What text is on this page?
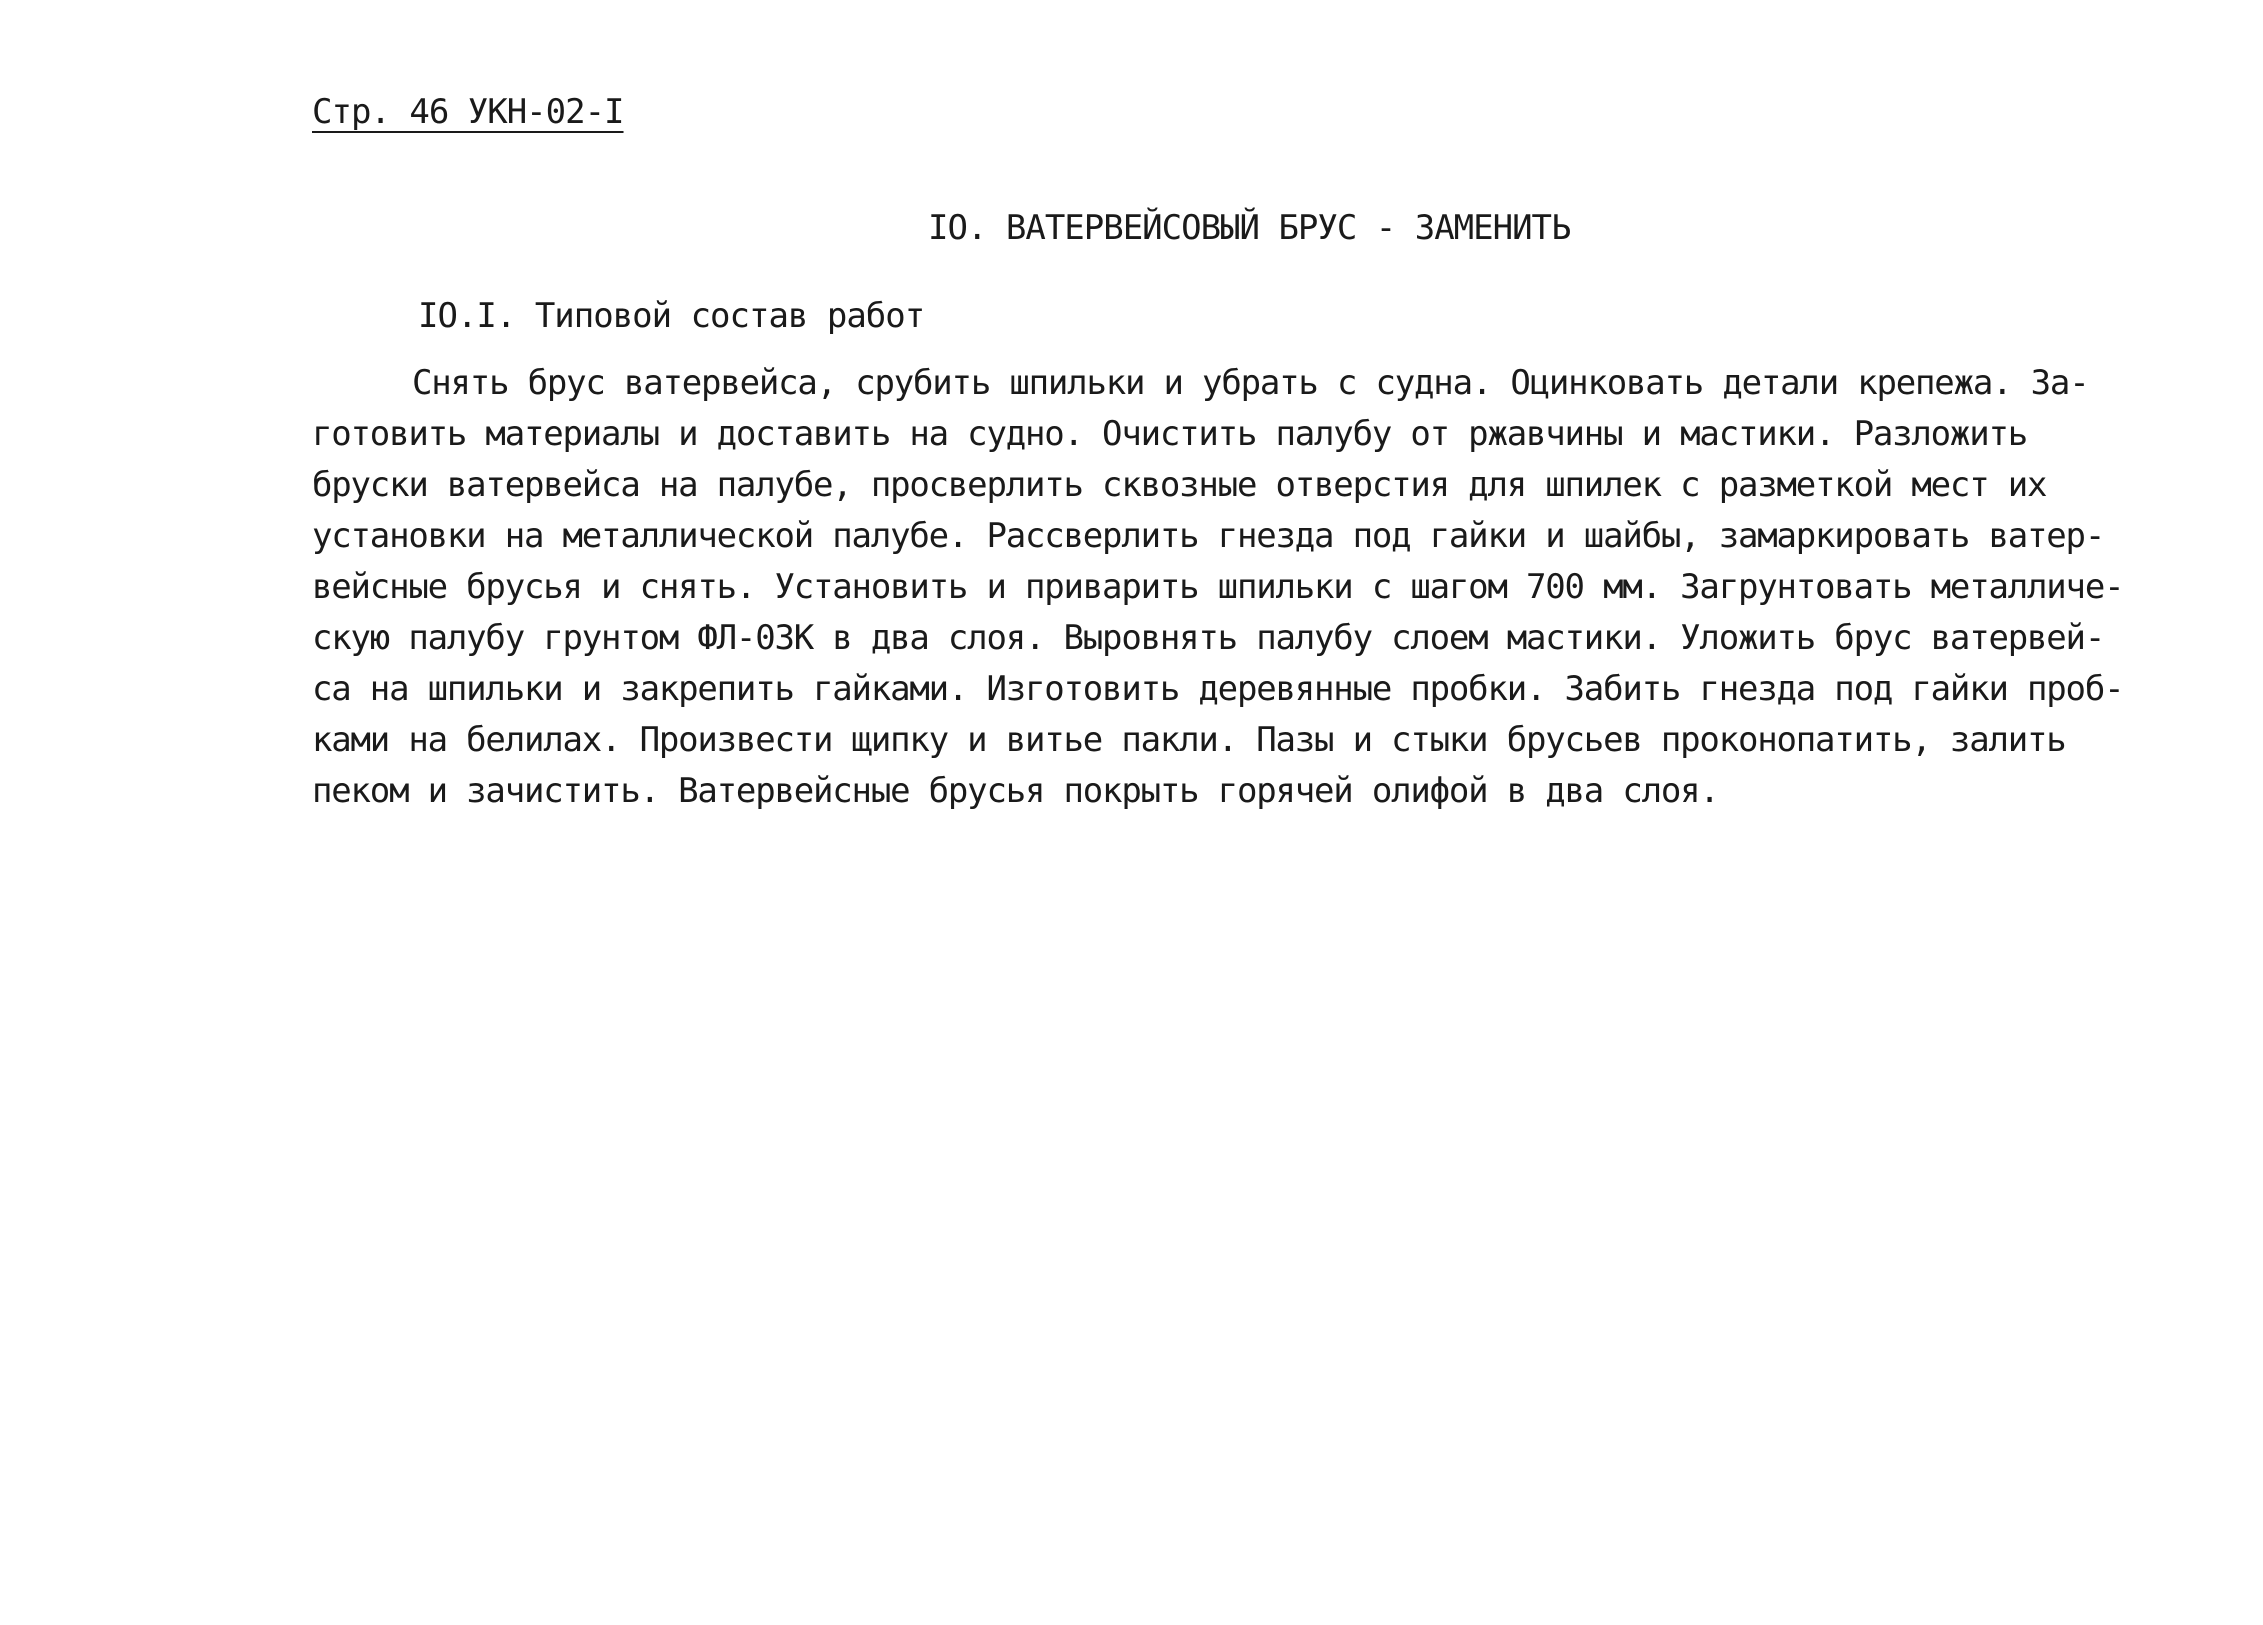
Стр. 46 УКН-02-I
IO. ВАТЕРВЕЙСОВЫЙ БРУС - ЗАМЕНИТЬ
IO.I. Типовой состав работ
Снять брус ватервейса, срубить шпильки и убрать с судна. Оцинковать детали крепежа. За-
готовить материалы и доставить на судно. Очистить палубу от ржавчины и мастики. Разложить
бруски ватервейса на палубе, просверлить сквозные отверстия для шпилек с разметкой мест их
установки на металлической палубе. Рассверлить гнезда под гайки и шайбы, замаркировать ватер-
вейсные брусья и снять. Установить и приварить шпильки с шагом 700 мм. Загрунтовать металличе-
скую палубу грунтом ФЛ-03К в два слоя. Выровнять палубу слоем мастики. Уложить брус ватервей-
са на шпильки и закрепить гайками. Изготовить деревянные пробки. Забить гнезда под гайки проб-
ками на белилах. Произвести щипку и витье пакли. Пазы и стыки брусьев проконопатить, залить
пеком и зачистить. Ватервейсные брусья покрыть горячей олифой в два слоя.
